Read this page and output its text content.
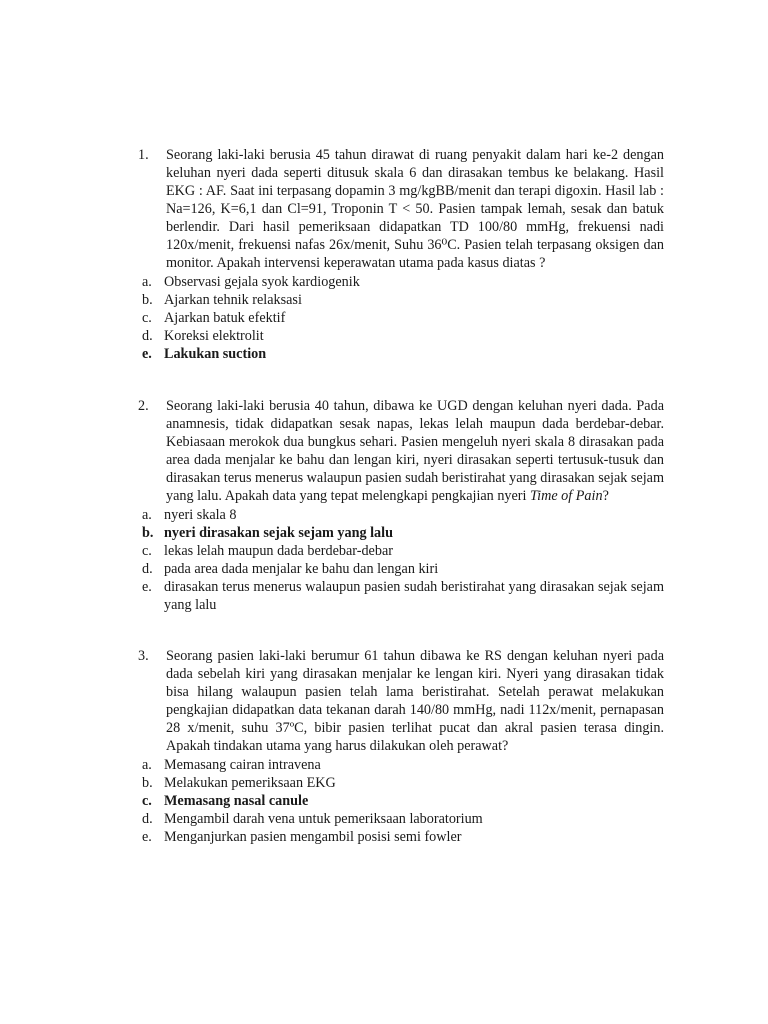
1.	Seorang laki-laki berusia 45 tahun dirawat di ruang penyakit dalam hari ke-2 dengan keluhan nyeri dada seperti ditusuk skala 6 dan dirasakan tembus ke belakang. Hasil EKG : AF. Saat ini terpasang dopamin 3 mg/kgBB/menit dan terapi digoxin. Hasil lab : Na=126, K=6,1 dan Cl=91, Troponin T < 50. Pasien tampak lemah, sesak dan batuk berlendir. Dari hasil pemeriksaan didapatkan TD 100/80 mmHg, frekuensi nadi 120x/menit, frekuensi nafas 26x/menit, Suhu 36⁰C. Pasien telah terpasang oksigen dan monitor. Apakah intervensi keperawatan utama pada kasus diatas ?
a. Observasi gejala syok kardiogenik
b. Ajarkan tehnik relaksasi
c. Ajarkan batuk efektif
d. Koreksi elektrolit
e. Lakukan suction
2.	Seorang laki-laki berusia 40 tahun, dibawa ke UGD dengan keluhan nyeri dada. Pada anamnesis, tidak didapatkan sesak napas, lekas lelah maupun dada berdebar-debar. Kebiasaan merokok dua bungkus sehari. Pasien mengeluh nyeri skala 8 dirasakan pada area dada menjalar ke bahu dan lengan kiri, nyeri dirasakan seperti tertusuk-tusuk dan dirasakan terus menerus walaupun pasien sudah beristirahat yang dirasakan sejak sejam yang lalu. Apakah data yang tepat melengkapi pengkajian nyeri Time of Pain?
a. nyeri skala 8
b. nyeri dirasakan sejak sejam yang lalu
c. lekas lelah maupun dada berdebar-debar
d. pada area dada menjalar ke bahu dan lengan kiri
e. dirasakan terus menerus walaupun pasien sudah beristirahat yang dirasakan sejak sejam yang lalu
3.	Seorang pasien laki-laki berumur 61 tahun dibawa ke RS dengan keluhan nyeri pada dada sebelah kiri yang dirasakan menjalar ke lengan kiri. Nyeri yang dirasakan tidak bisa hilang walaupun pasien telah lama beristirahat. Setelah perawat melakukan pengkajian didapatkan data tekanan darah 140/80 mmHg, nadi 112x/menit, pernapasan 28 x/menit, suhu 37ºC, bibir pasien terlihat pucat dan akral pasien terasa dingin. Apakah tindakan utama yang harus dilakukan oleh perawat?
a. Memasang cairan intravena
b. Melakukan pemeriksaan EKG
c. Memasang nasal canule
d. Mengambil darah vena untuk pemeriksaan laboratorium
e. Menganjurkan pasien mengambil posisi semi fowler
